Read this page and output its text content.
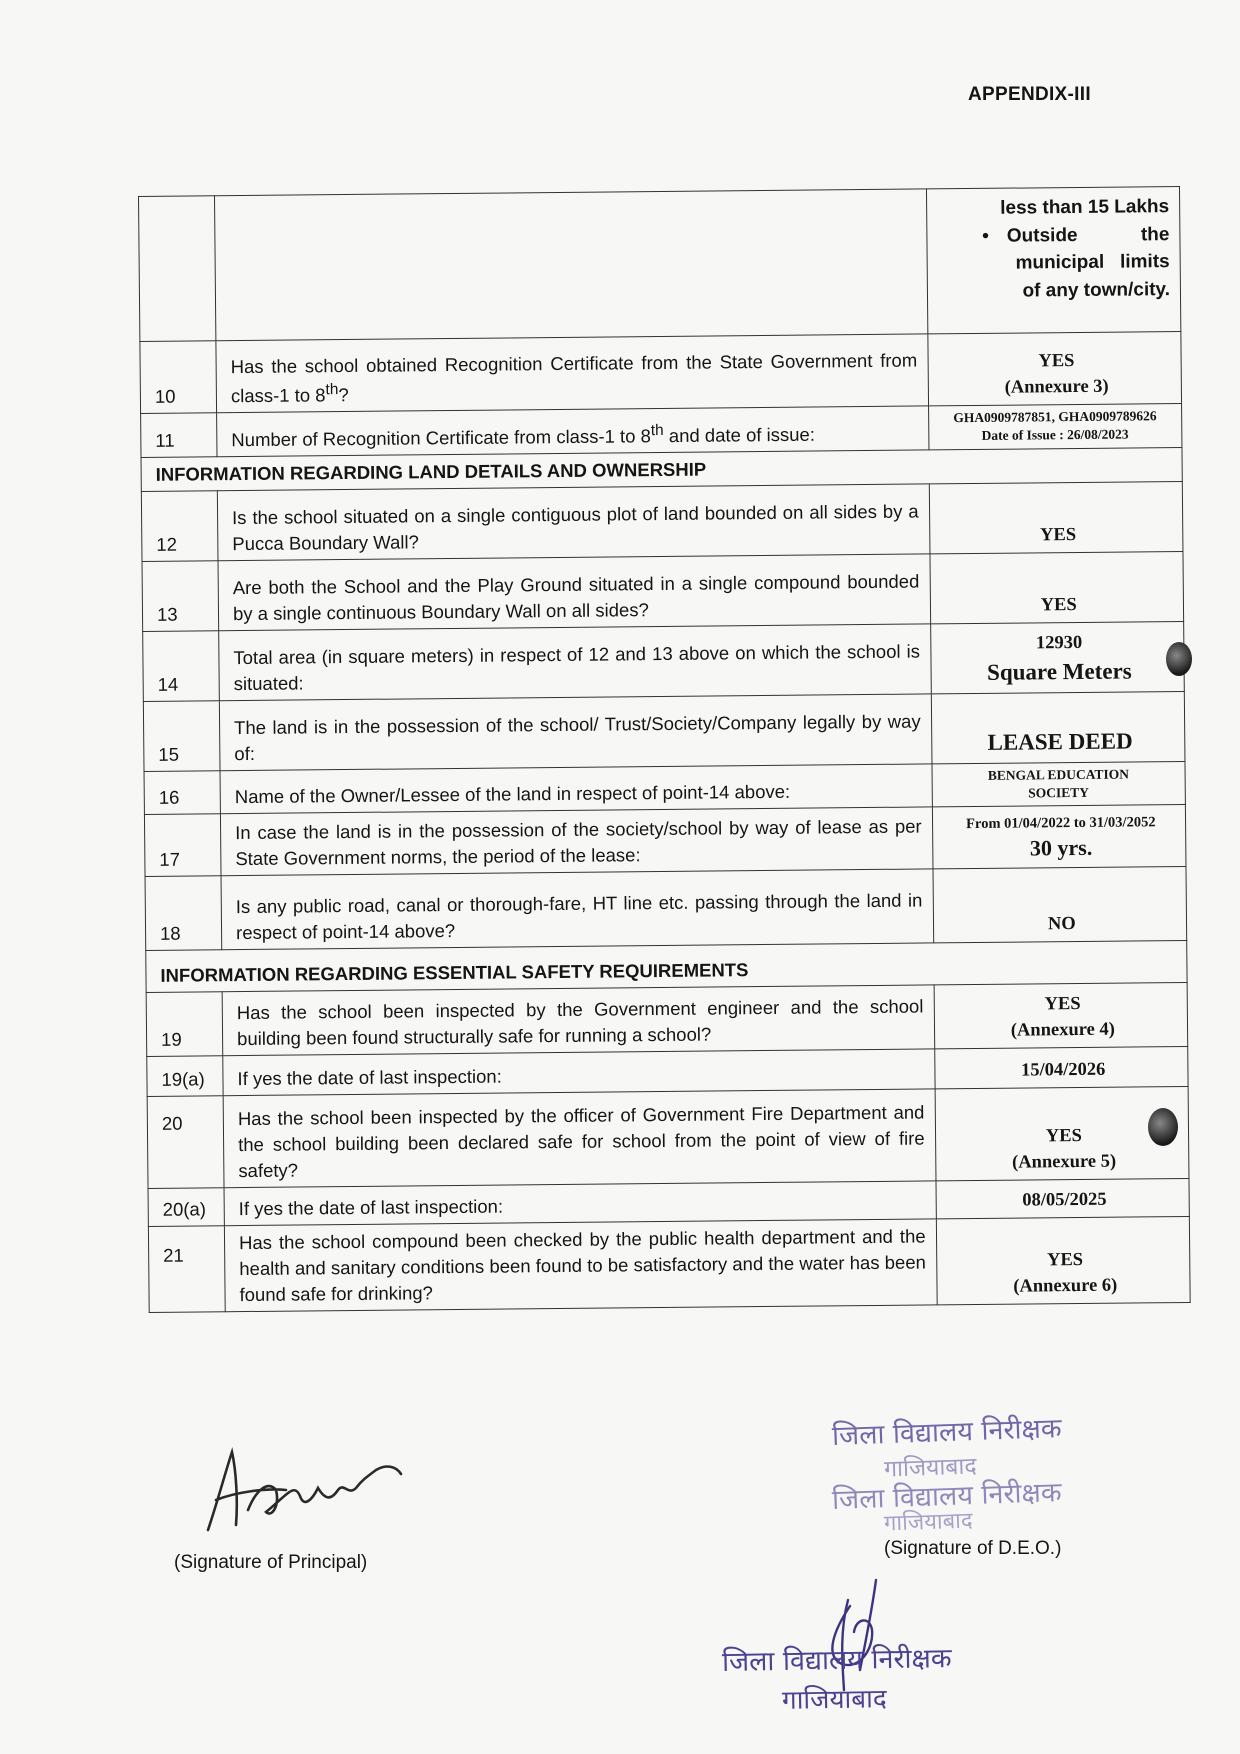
APPENDIX-III

		less than 15 Lakhs
• Outside            the
municipal   limits
of any town/city.

10	Has the school obtained Recognition Certificate from the State Government from class-1 to 8th?	YES
(Annexure 3)

11	Number of Recognition Certificate from class-1 to 8th and date of issue:	GHA0909787851, GHA0909789626
Date of Issue : 26/08/2023

INFORMATION REGARDING LAND DETAILS AND OWNERSHIP		
12	Is the school situated on a single contiguous plot of land bounded on all sides by a Pucca Boundary Wall?	YES
13	Are both the School and the Play Ground situated in a single compound bounded by a single continuous Boundary Wall on all sides?	YES
14	Total area (in square meters) in respect of 12 and 13 above on which the school is situated:	12930
Square Meters

15	The land is in the possession of the school/ Trust/Society/Company legally by way of:	LEASE DEED
16	Name of the Owner/Lessee of the land in respect of point-14 above:	BENGAL EDUCATION
SOCIETY

17	In case the land is in the possession of the society/school by way of lease as per State Government norms, the period of the lease:	From 01/04/2022 to 31/03/2052
30 yrs.

18	Is any public road, canal or thorough-fare, HT line etc. passing through the land in respect of point-14 above?	NO
INFORMATION REGARDING ESSENTIAL SAFETY REQUIREMENTS		
19	Has the school been inspected by the Government engineer and the school building been found structurally safe for running a school?	YES
(Annexure 4)

19(a)	If yes the date of last inspection:	15/04/2026
20	Has the school been inspected by the officer of Government Fire Department and the school building been declared safe for school from the point of view of fire safety?	YES
(Annexure 5)

20(a)	If yes the date of last inspection:	08/05/2025
21	Has the school compound been checked by the public health department and the health and sanitary conditions been found to be satisfactory and the water has been found safe for drinking?	YES
(Annexure 6)
(Signature of Principal)
जिला विद्यालय निरीक्षक
गाजियाबाद
जिला विद्यालय निरीक्षक
गाजियाबाद
(Signature of D.E.O.)
जिला विद्यालय निरीक्षक
गाजियाबाद
